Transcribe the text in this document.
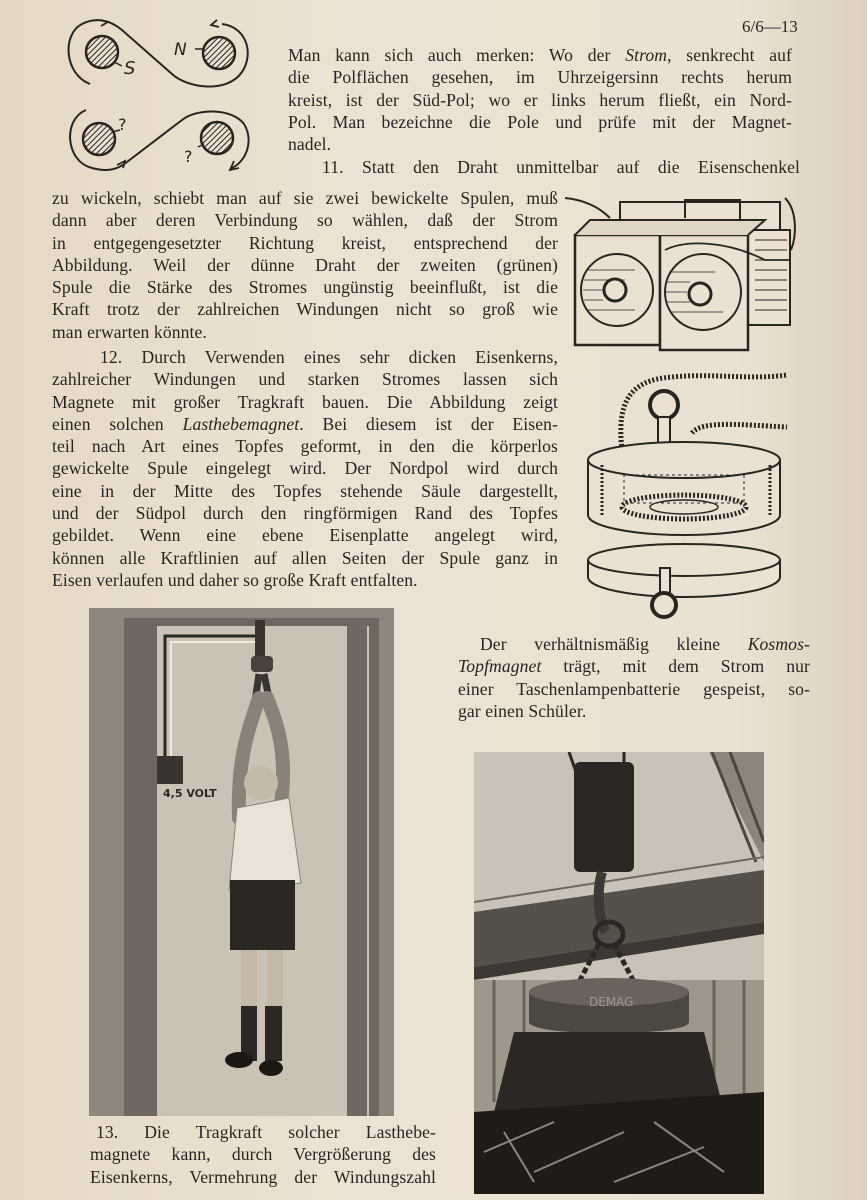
6/6—13
S
N
?
?
Man kann sich auch merken: Wo der Strom, senkrecht auf
die Polflächen gesehen, im Uhrzeigersinn rechts herum
kreist, ist der Süd-Pol; wo er links herum fließt, ein Nord-
Pol. Man bezeichne die Pole und prüfe mit der Magnet-
nadel.
11. Statt den Draht unmittelbar auf die Eisenschenkel
zu wickeln, schiebt man auf sie zwei bewickelte Spulen, muß
dann aber deren Verbindung so wählen, daß der Strom
in entgegengesetzter Richtung kreist, entsprechend der
Abbildung. Weil der dünne Draht der zweiten (grünen)
Spule die Stärke des Stromes ungünstig beeinflußt, ist die
Kraft trotz der zahlreichen Windungen nicht so groß wie
man erwarten könnte.
12. Durch Verwenden eines sehr dicken Eisenkerns,
zahlreicher Windungen und starken Stromes lassen sich
Magnete mit großer Tragkraft bauen. Die Abbildung zeigt
einen solchen Lasthebemagnet. Bei diesem ist der Eisen-
teil nach Art eines Topfes geformt, in den die körperlos
gewickelte Spule eingelegt wird. Der Nordpol wird durch
eine in der Mitte des Topfes stehende Säule dargestellt,
und der Südpol durch den ringförmigen Rand des Topfes
gebildet. Wenn eine ebene Eisenplatte angelegt wird,
können alle Kraftlinien auf allen Seiten der Spule ganz in
Eisen verlaufen und daher so große Kraft entfalten.
4,5 VOLT
Der verhältnismäßig kleine Kosmos-
Topfmagnet trägt, mit dem Strom nur
einer Taschenlampenbatterie gespeist, so-
gar einen Schüler.
DEMAG
13. Die Tragkraft solcher Lasthebe-
magnete kann, durch Vergrößerung des
Eisenkerns, Vermehrung der Windungszahl
